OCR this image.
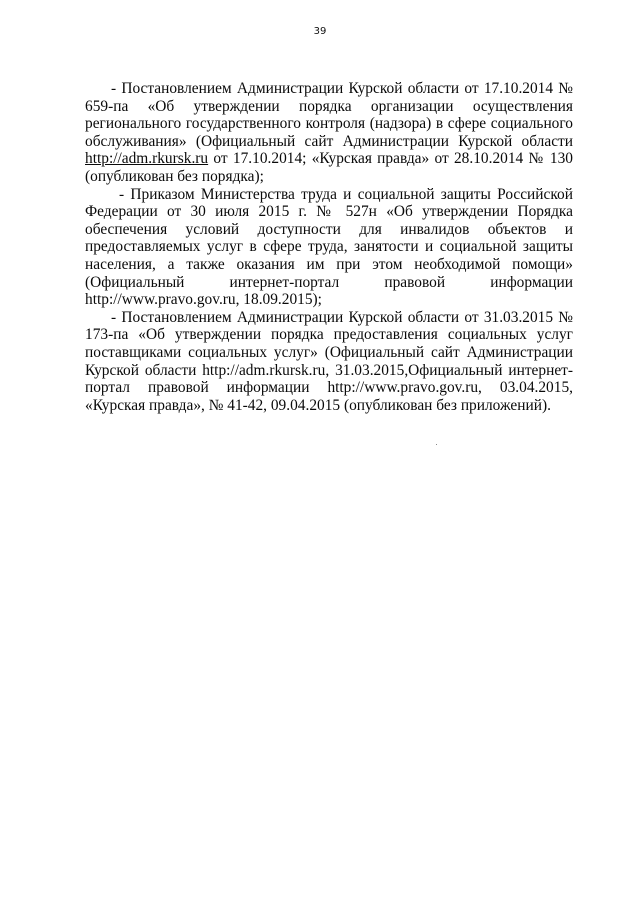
39

- Постановлением Администрации Курской области от 17.10.2014 № 659-па «Об утверждении порядка организации осуществления регионального государственного контроля (надзора) в сфере социального обслуживания» (Официальный сайт Администрации Курской области http://adm.rkursk.ru от 17.10.2014; «Курская правда» от 28.10.2014 № 130 (опубликован без порядка);

- Приказом Министерства труда и социальной защиты Российской Федерации от 30 июля 2015 г. № 527н «Об утверждении Порядка обеспечения условий доступности для инвалидов объектов и предоставляемых услуг в сфере труда, занятости и социальной защиты населения, а также оказания им при этом необходимой помощи» (Официальный интернет-портал правовой информации http://www.pravo.gov.ru, 18.09.2015);

- Постановлением Администрации Курской области от 31.03.2015 № 173-па «Об утверждении порядка предоставления социальных услуг поставщиками социальных услуг» (Официальный сайт Администрации Курской области http://adm.rkursk.ru, 31.03.2015,Официальный интернет-портал правовой информации http://www.pravo.gov.ru, 03.04.2015, «Курская правда», № 41-42, 09.04.2015 (опубликован без приложений).
